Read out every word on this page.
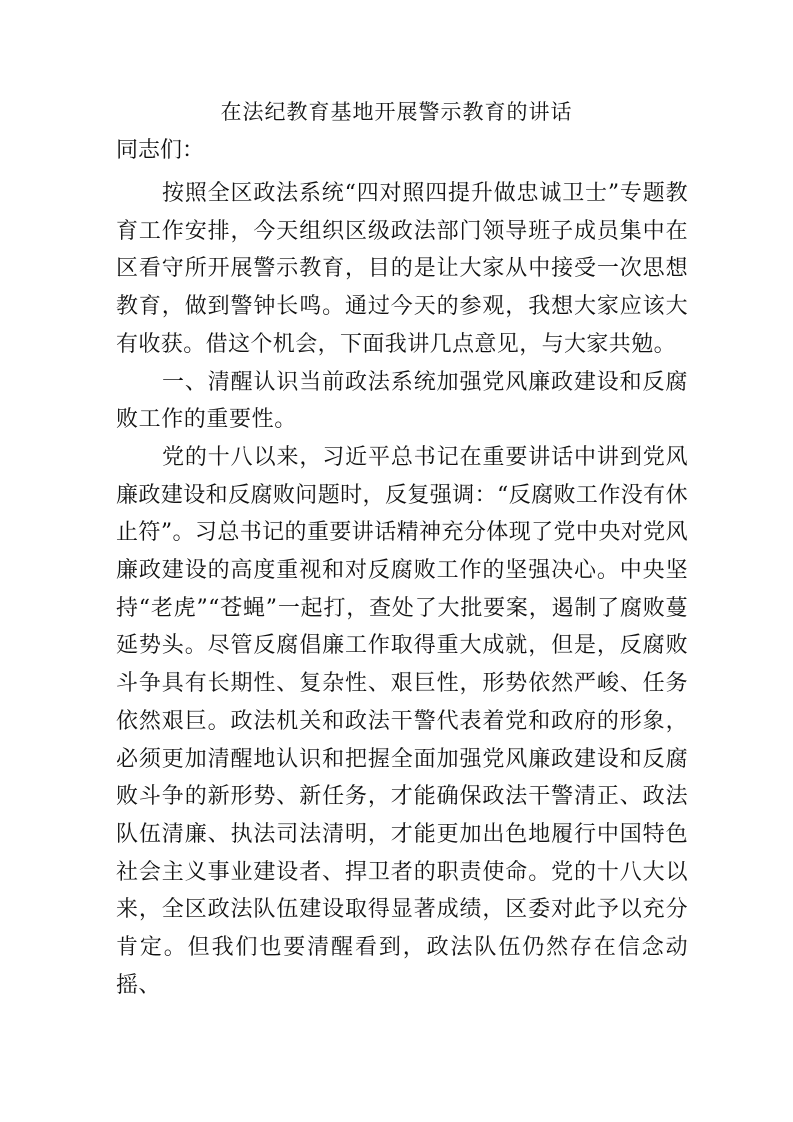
在法纪教育基地开展警示教育的讲话
同志们：

按照全区政法系统“四对照四提升做忠诚卫士”专题教育工作安排，今天组织区级政法部门领导班子成员集中在区看守所开展警示教育，目的是让大家从中接受一次思想教育，做到警钟长鸣。通过今天的参观，我想大家应该大有收获。借这个机会，下面我讲几点意见，与大家共勉。

一、清醒认识当前政法系统加强党风廉政建设和反腐败工作的重要性。

党的十八以来，习近平总书记在重要讲话中讲到党风廉政建设和反腐败问题时，反复强调：“反腐败工作没有休止符”。习总书记的重要讲话精神充分体现了党中央对党风廉政建设的高度重视和对反腐败工作的坚强决心。中央坚持“老虎”“苍蝇”一起打，查处了大批要案，遏制了腐败蔓延势头。尽管反腐倡廉工作取得重大成就，但是，反腐败斗争具有长期性、复杂性、艰巨性，形势依然严峻、任务依然艰巨。政法机关和政法干警代表着党和政府的形象，必须更加清醒地认识和把握全面加强党风廉政建设和反腐败斗争的新形势、新任务，才能确保政法干警清正、政法队伍清廉、执法司法清明，才能更加出色地履行中国特色社会主义事业建设者、捍卫者的职责使命。党的十八大以来，全区政法队伍建设取得显著成绩，区委对此予以充分肯定。但我们也要清醒看到，政法队伍仍然存在信念动摇、
